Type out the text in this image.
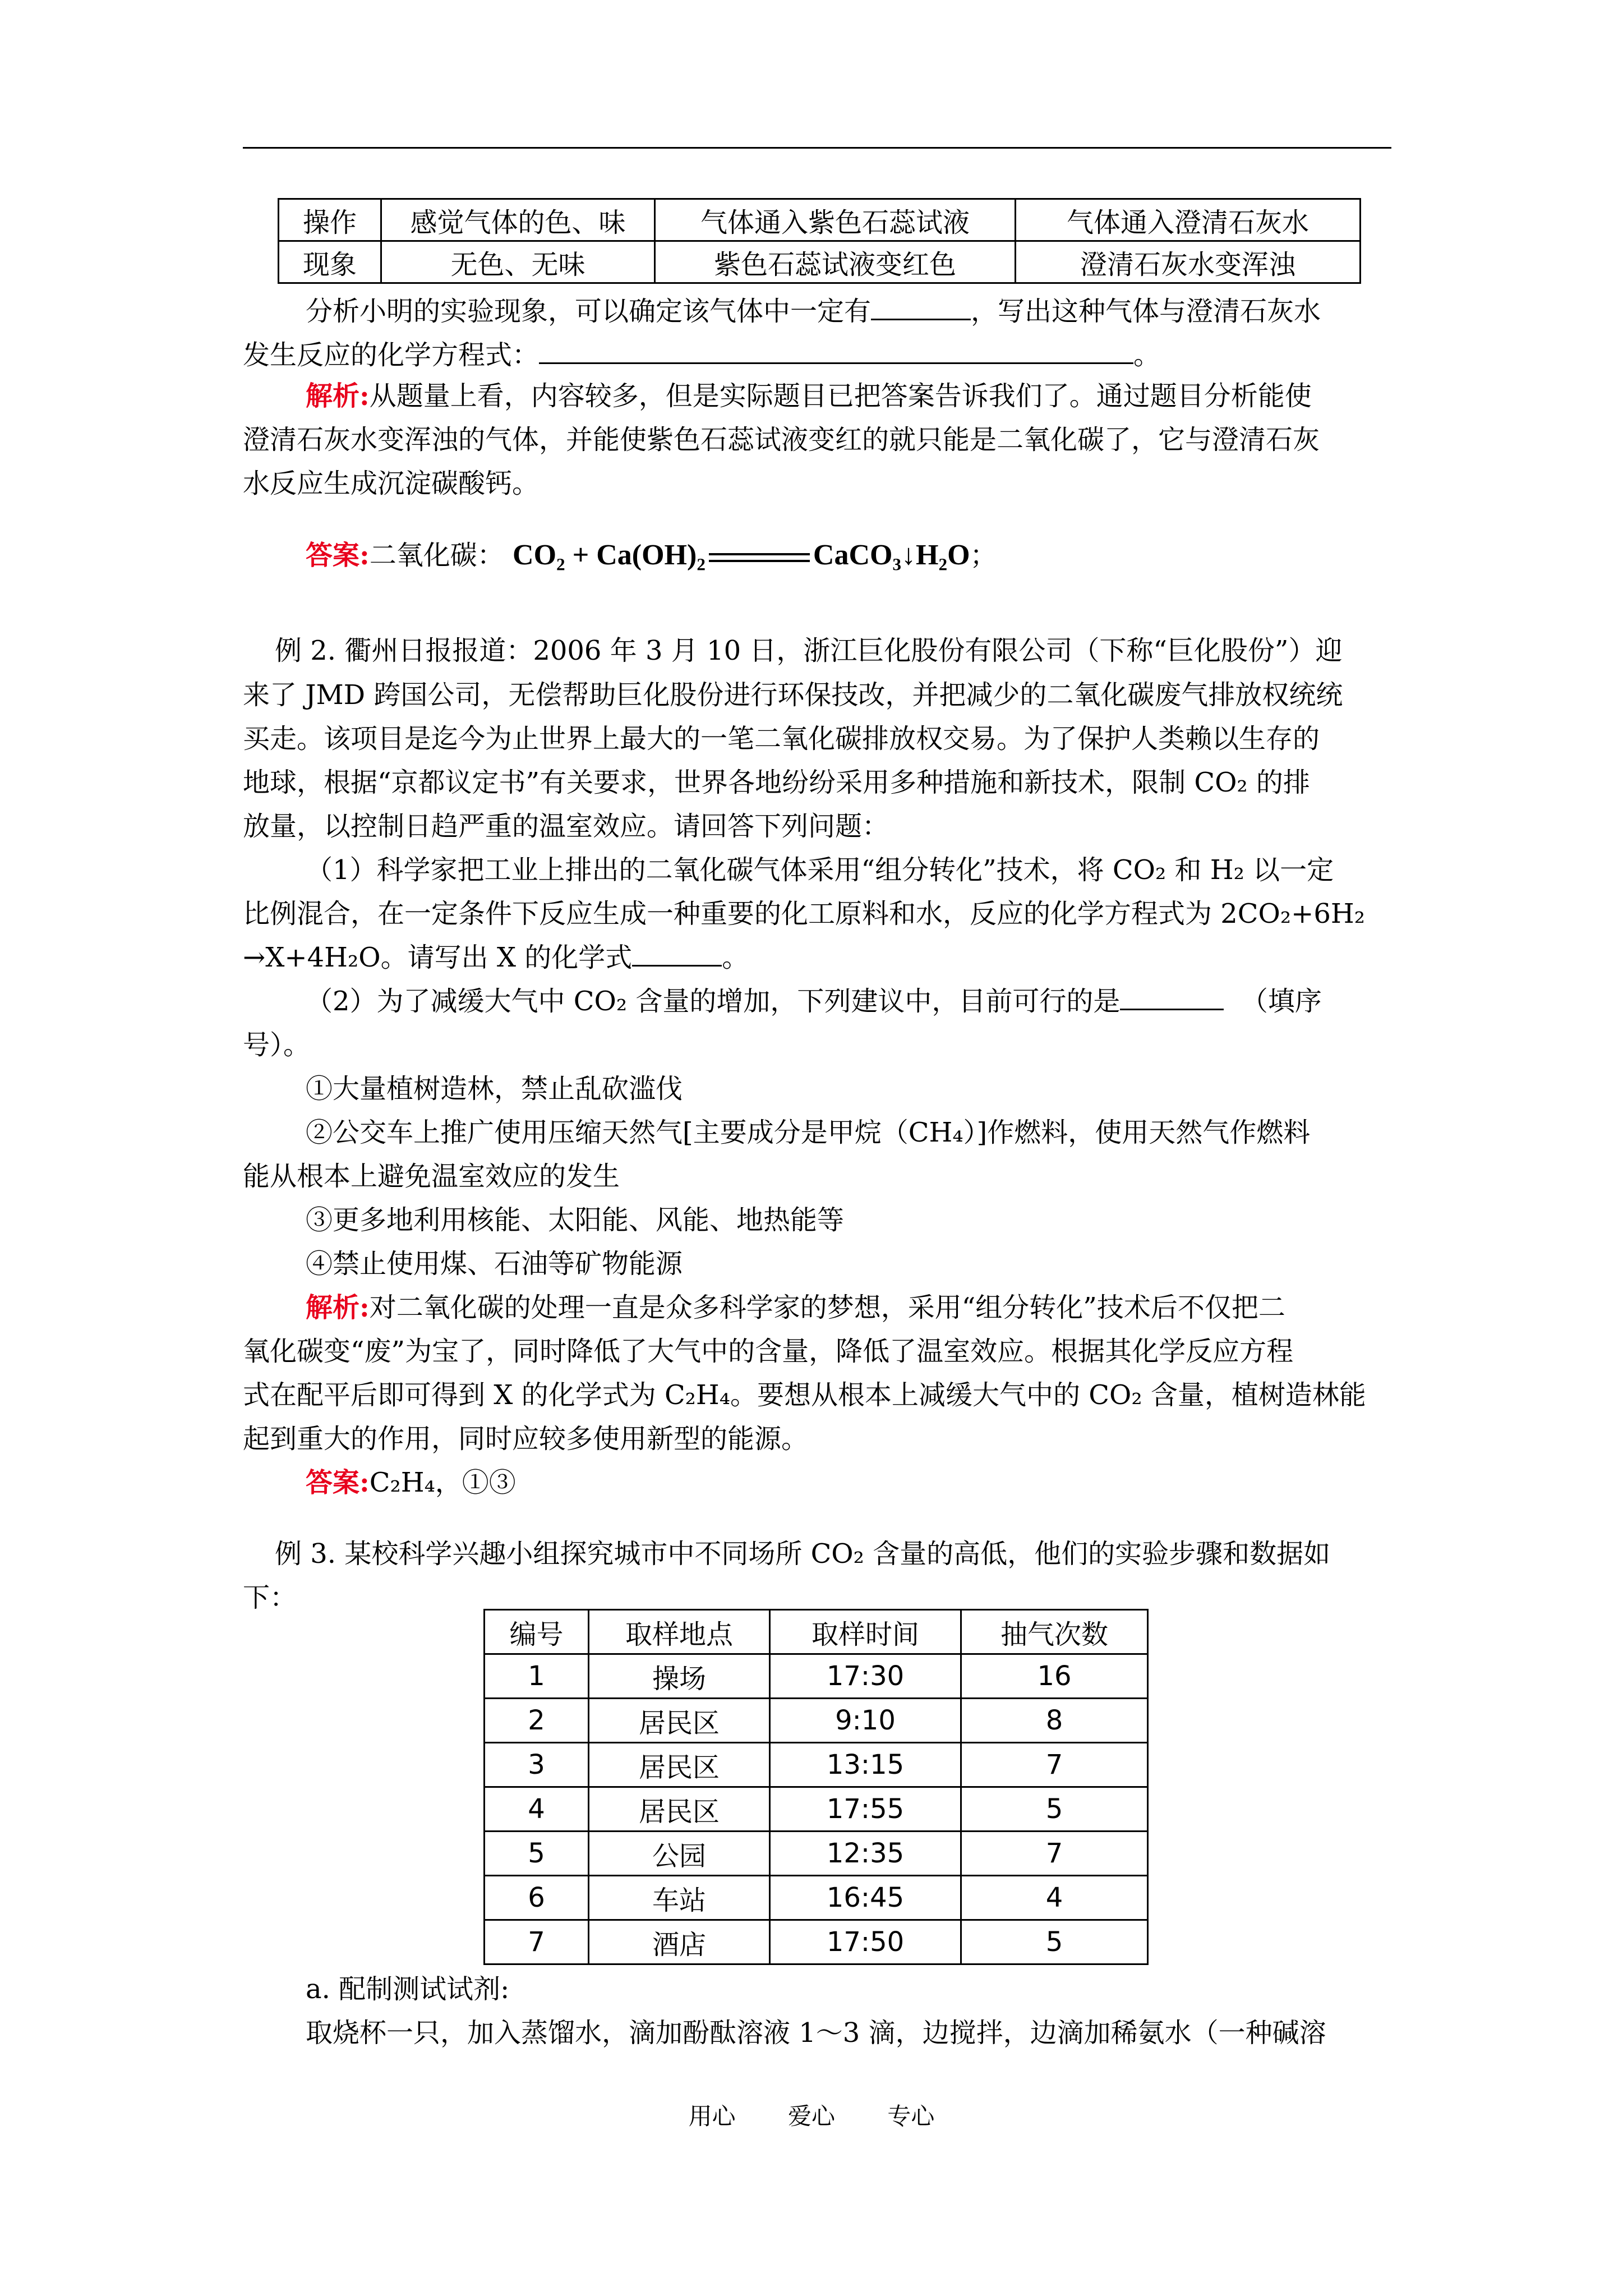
操作	感觉气体的色、味	气体通入紫色石蕊试液	气体通入澄清石灰水
现象	无色、无味	紫色石蕊试液变红色	澄清石灰水变浑浊
分析小明的实验现象，可以确定该气体中一定有	，写出这种气体与澄清石灰水
发生反应的化学方程式：	。
解析:从题量上看，内容较多，但是实际题目已把答案告诉我们了。通过题目分析能使
澄清石灰水变浑浊的气体，并能使紫色石蕊试液变红的就只能是二氧化碳了，它与澄清石灰
水反应生成沉淀碳酸钙。
答案:二氧化碳： CO₂ + Ca(OH)₂	CaCO₃↓H₂O；
例 2. 衢州日报报道：2006 年 3 月 10 日，浙江巨化股份有限公司（下称“巨化股份”）迎
来了 JMD 跨国公司，无偿帮助巨化股份进行环保技改，并把减少的二氧化碳废气排放权统统
买走。该项目是迄今为止世界上最大的一笔二氧化碳排放权交易。为了保护人类赖以生存的
地球，根据“京都议定书”有关要求，世界各地纷纷采用多种措施和新技术，限制 CO₂ 的排
放量，以控制日趋严重的温室效应。请回答下列问题：
（1）科学家把工业上排出的二氧化碳气体采用“组分转化”技术，将 CO₂ 和 H₂ 以一定
比例混合，在一定条件下反应生成一种重要的化工原料和水，反应的化学方程式为 2CO₂+6H₂
→X+4H₂O。请写出 X 的化学式	。
（2）为了减缓大气中 CO₂ 含量的增加，下列建议中，目前可行的是	（填序
号）。
①大量植树造林，禁止乱砍滥伐
②公交车上推广使用压缩天然气[主要成分是甲烷（CH₄）]作燃料，使用天然气作燃料
能从根本上避免温室效应的发生
③更多地利用核能、太阳能、风能、地热能等
④禁止使用煤、石油等矿物能源
解析:对二氧化碳的处理一直是众多科学家的梦想，采用“组分转化”技术后不仅把二
氧化碳变“废”为宝了，同时降低了大气中的含量，降低了温室效应。根据其化学反应方程
式在配平后即可得到 X 的化学式为 C₂H₄。要想从根本上减缓大气中的 CO₂ 含量，植树造林能
起到重大的作用，同时应较多使用新型的能源。
答案:C₂H₄，①③
例 3. 某校科学兴趣小组探究城市中不同场所 CO₂ 含量的高低，他们的实验步骤和数据如
下：
编号	取样地点	取样时间	抽气次数
1	操场	17:30	16
2	居民区	9:10	8
3	居民区	13:15	7
4	居民区	17:55	5
5	公园	12:35	7
6	车站	16:45	4
7	酒店	17:50	5
a. 配制测试试剂:
取烧杯一只，加入蒸馏水，滴加酚酞溶液 1～3 滴，边搅拌，边滴加稀氨水（一种碱溶
用心 爱心 专心
